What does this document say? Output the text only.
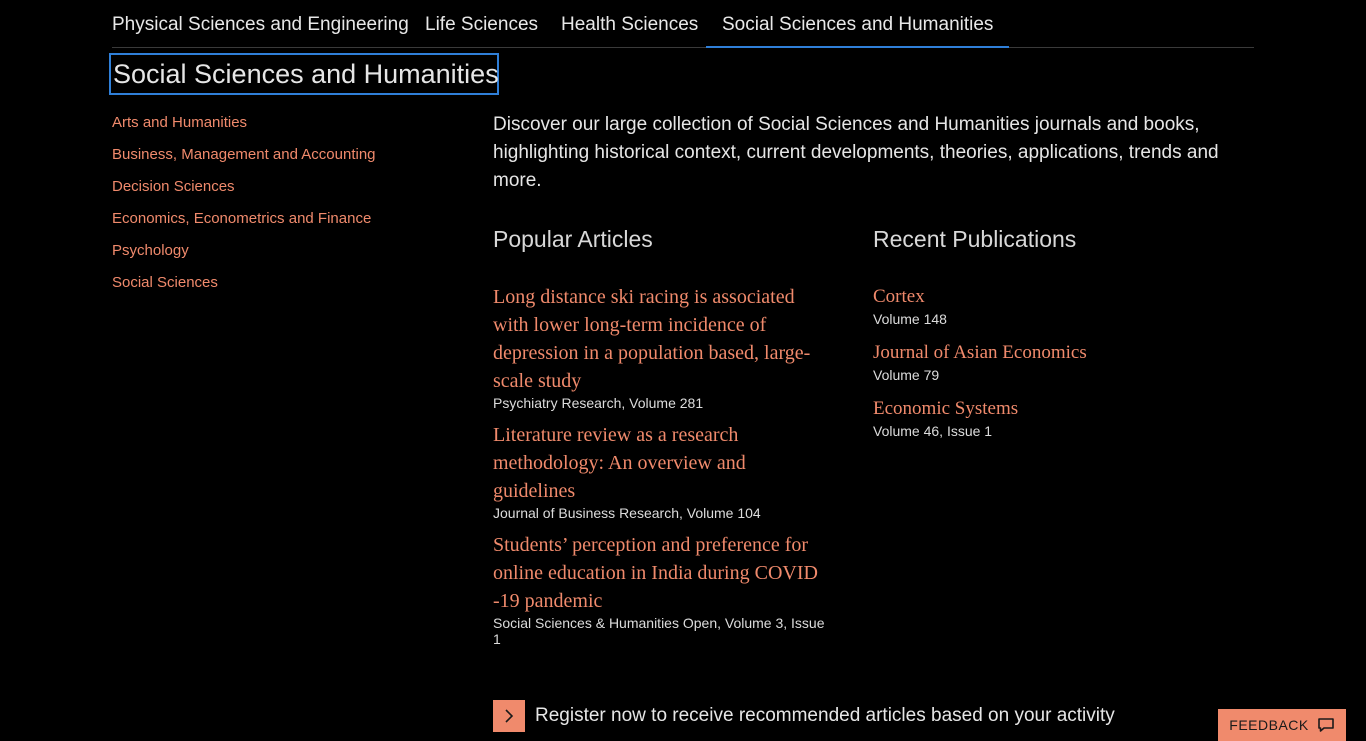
Physical Sciences and Engineering Life Sciences Health Sciences Social Sciences and Humanities
Social Sciences and Humanities
Arts and Humanities
Business, Management and Accounting
Decision Sciences
Economics, Econometrics and Finance
Psychology
Social Sciences
Discover our large collection of Social Sciences and Humanities journals and books, highlighting historical context, current developments, theories, applications, trends and more.
Popular Articles	Recent Publications
Long distance ski racing is associated with lower long-term incidence of depression in a population based, large-scale study
Psychiatry Research, Volume 281
Literature review as a research methodology: An overview and guidelines
Journal of Business Research, Volume 104
Students’ perception and preference for online education in India during COVID -19 pandemic
Social Sciences & Humanities Open, Volume 3, Issue 1
Cortex
Volume 148
Journal of Asian Economics
Volume 79
Economic Systems
Volume 46, Issue 1
Register now to receive recommended articles based on your activity	FEEDBACK
